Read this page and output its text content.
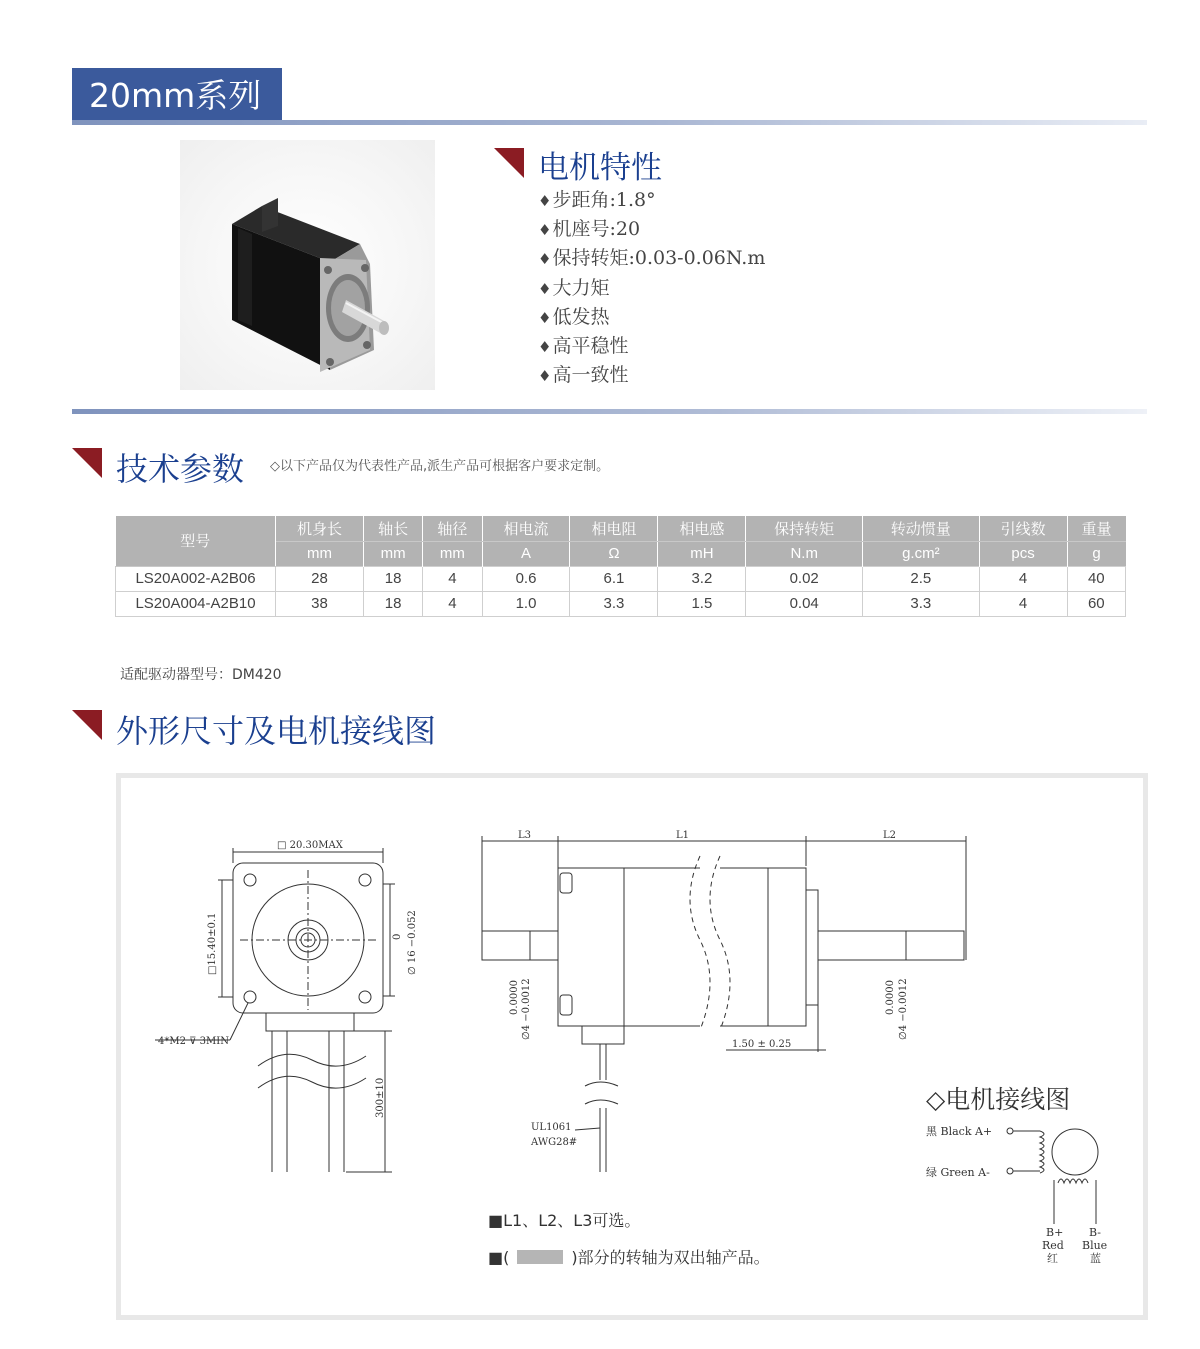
20mm系列
电机特性
♦步距角:1.8°
♦机座号:20
♦保持转矩:0.03-0.06N.m
♦大力矩
♦低发热
♦高平稳性
♦高一致性
技术参数 ◇以下产品仅为代表性产品,派生产品可根据客户要求定制。
型号	机身长	轴长	轴径	相电流	相电阻	相电感	保持转矩	转动惯量	引线数	重量
	mm	mm	mm	A	Ω	mH	N.m	g.cm²	pcs	g
LS20A002-A2B06	28	18	4	0.6	6.1	3.2	0.02	2.5	4	40
LS20A004-A2B10	38	18	4	1.0	3.3	1.5	0.04	3.3	4	60
适配驱动器型号：DM420
外形尺寸及电机接线图
□ 20.30MAX
□15.40±0.1	0 ∅ 16 −0.052
4*M2 ⊽ 3MIN
300±10
L3	L1	L2
0.0000 ∅4 −0.0012	0.0000 ∅4 −0.0012
1.50 ± 0.25
UL1061
AWG28#
黑 Black A+
绿 Green A-
B+
Red
红
B-
Blue
蓝
◇电机接线图
■L1、L2、L3可选。
■(	)部分的转轴为双出轴产品。
